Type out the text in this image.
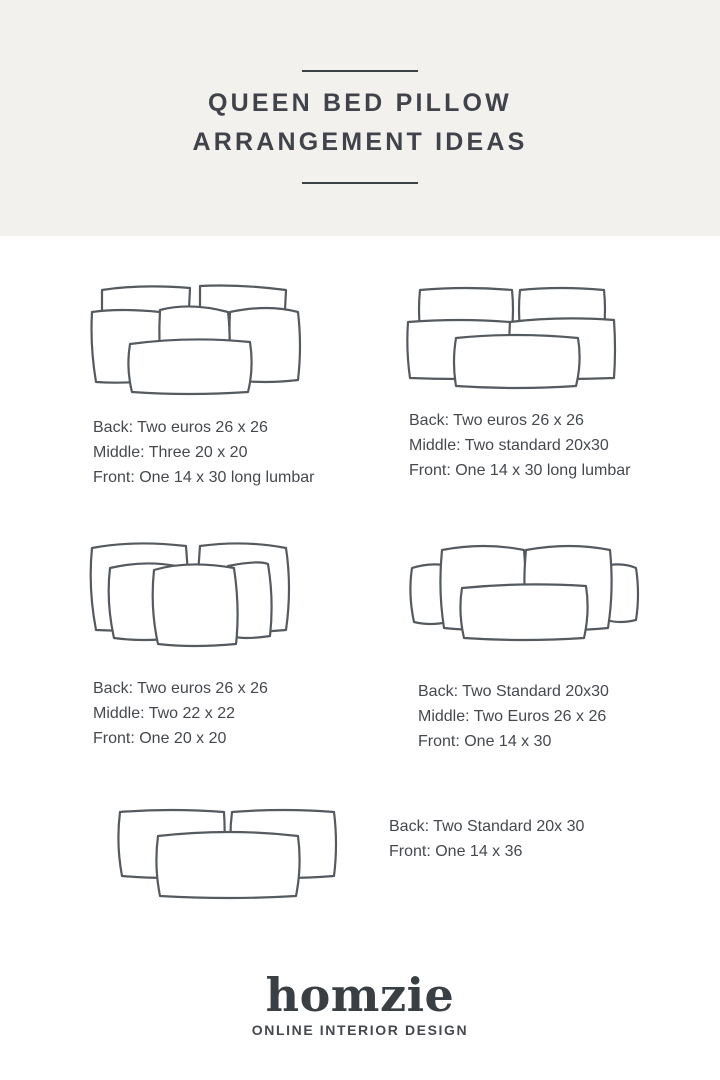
QUEEN BED PILLOW
ARRANGEMENT IDEAS
Back: Two euros 26 x 26
Middle: Three 20 x 20
Front: One 14 x 30 long lumbar
Back: Two euros 26 x 26
Middle: Two standard 20x30
Front: One 14 x 30 long lumbar
Back: Two euros 26 x 26
Middle: Two 22 x 22
Front: One 20 x 20
Back: Two Standard 20x30
Middle: Two Euros 26 x 26
Front: One 14 x 30
Back: Two Standard 20x 30
Front: One 14 x 36
homzie
ONLINE INTERIOR DESIGN
